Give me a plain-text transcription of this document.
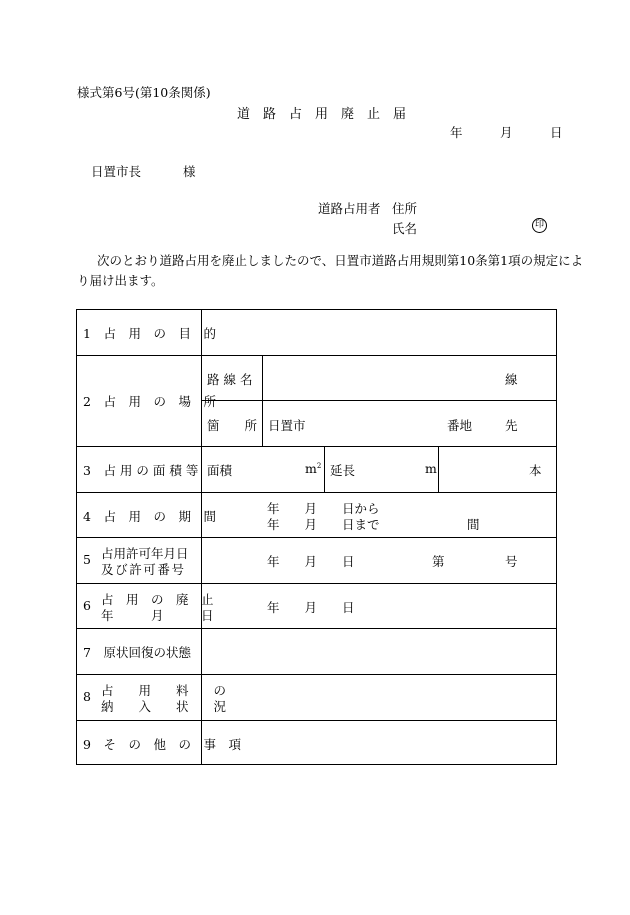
様式第6号(第10条関係)
道　路　占　用　廃　止　届
年　　　月　　　日
日置市長	様
道路占用者 住所
氏名	印
次のとおり道路占用を廃止しましたので、日置市道路占用規則第10条第1項の規定によ
り届け出ます。
1　占　用　の　目　的
2　占　用　の　場　所
路 線 名	線
箇　　所 日置市	番地	先
3　占 用 の 面 積 等 面積	$m^2$ 延長	m	本
4　占　用　の　期　間
年　　月　　日から
年　　月　　日まで	間
5 占用許可年月日
及び許可番号
年　　月　　日	第	号
6 占　用　の　廃　止
年　　　月　　　日
年　　月　　日
7　原状回復の状態
8 占　　用　　料　　の
納　　入　　状　　況
9　そ　の　他　の　事　項
